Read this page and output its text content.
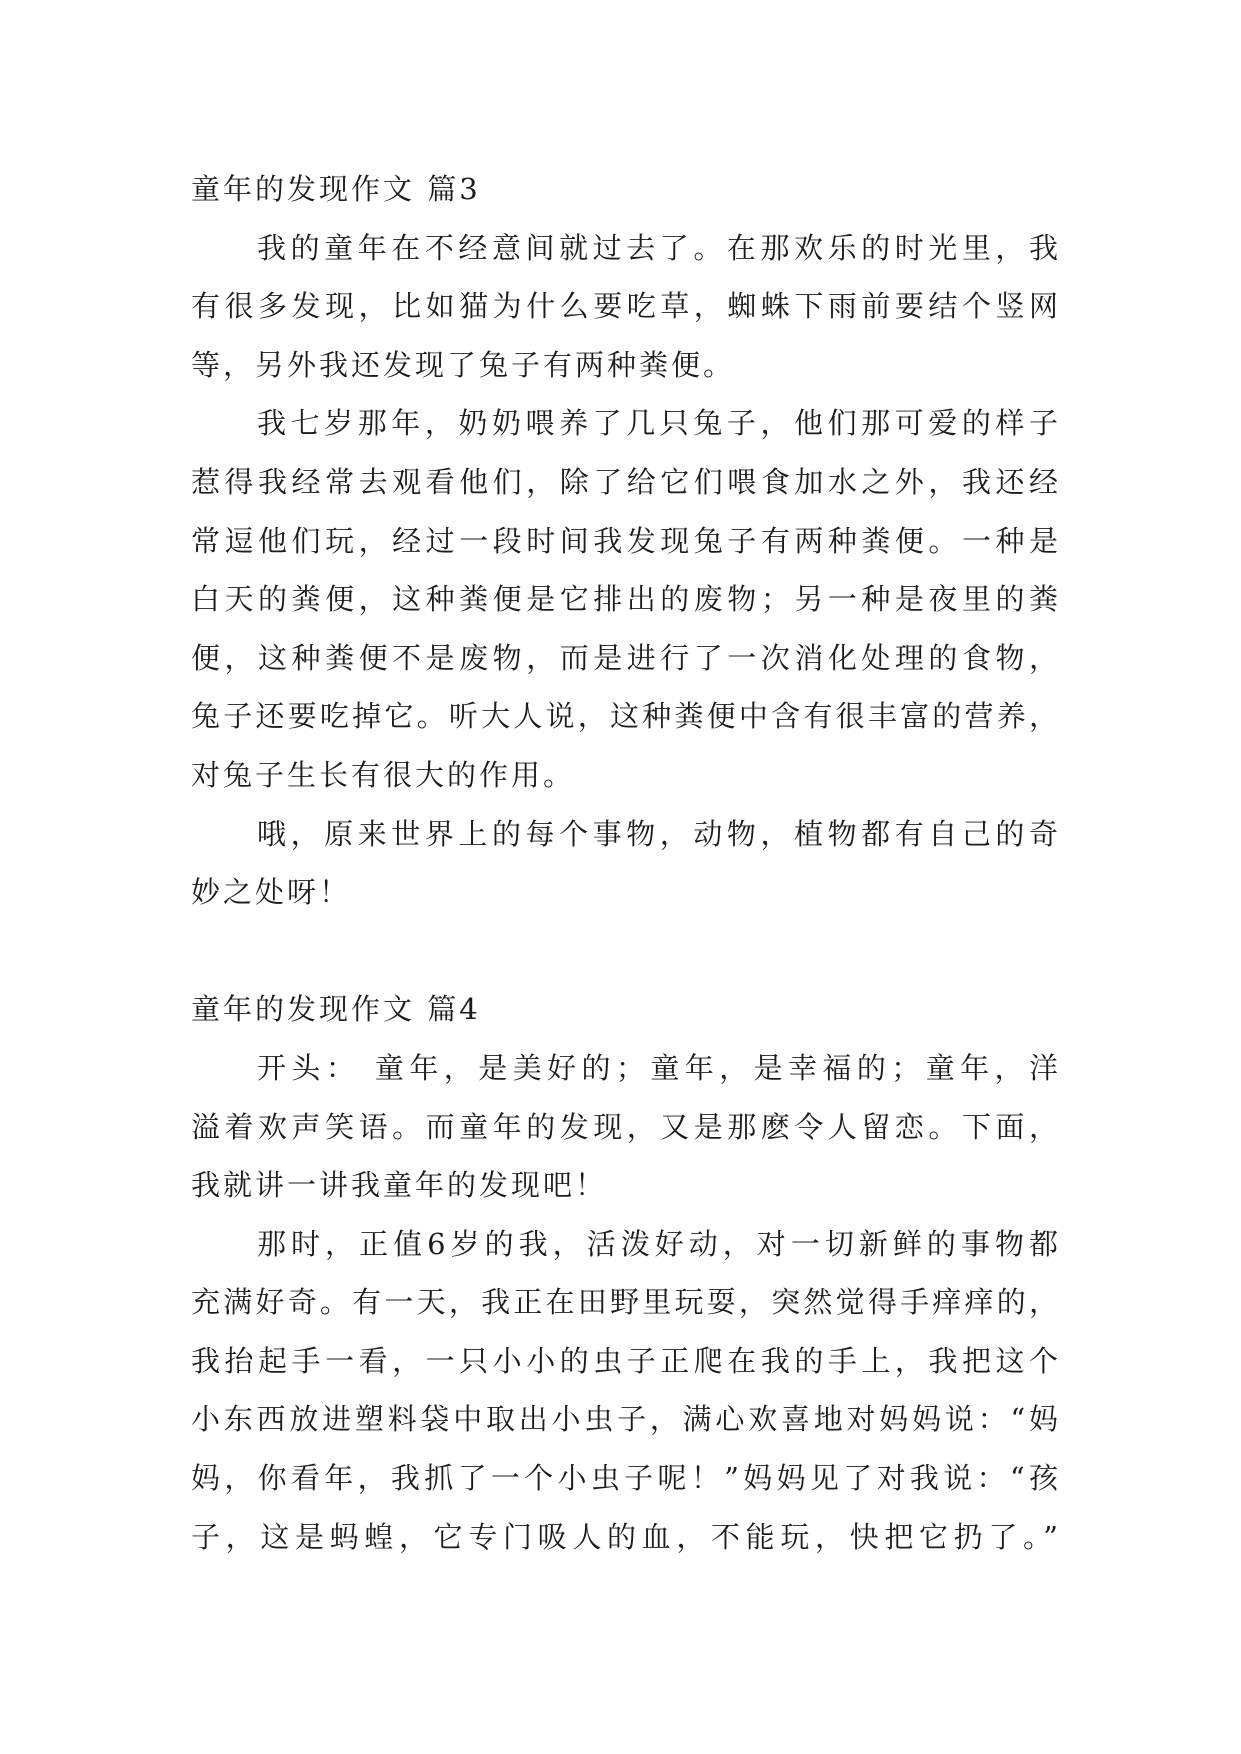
童年的发现作文 篇3
我的童年在不经意间就过去了。在那欢乐的时光里，我
有很多发现，比如猫为什么要吃草，蜘蛛下雨前要结个竖网
等，另外我还发现了兔子有两种粪便。
我七岁那年，奶奶喂养了几只兔子，他们那可爱的样子
惹得我经常去观看他们，除了给它们喂食加水之外，我还经
常逗他们玩，经过一段时间我发现兔子有两种粪便。一种是
白天的粪便，这种粪便是它排出的废物；另一种是夜里的粪
便，这种粪便不是废物，而是进行了一次消化处理的食物，
兔子还要吃掉它。听大人说，这种粪便中含有很丰富的营养，
对兔子生长有很大的作用。
哦，原来世界上的每个事物，动物，植物都有自己的奇
妙之处呀！
童年的发现作文 篇4
开头： 童年，是美好的；童年，是幸福的；童年，洋
溢着欢声笑语。而童年的发现，又是那麽令人留恋。下面，
我就讲一讲我童年的发现吧！
那时，正值6岁的我，活泼好动，对一切新鲜的事物都
充满好奇。有一天，我正在田野里玩耍，突然觉得手痒痒的，
我抬起手一看，一只小小的虫子正爬在我的手上，我把这个
小东西放进塑料袋中取出小虫子，满心欢喜地对妈妈说：“妈
妈，你看年，我抓了一个小虫子呢！”妈妈见了对我说：“孩
子，这是蚂蝗，它专门吸人的血，不能玩，快把它扔了。”
